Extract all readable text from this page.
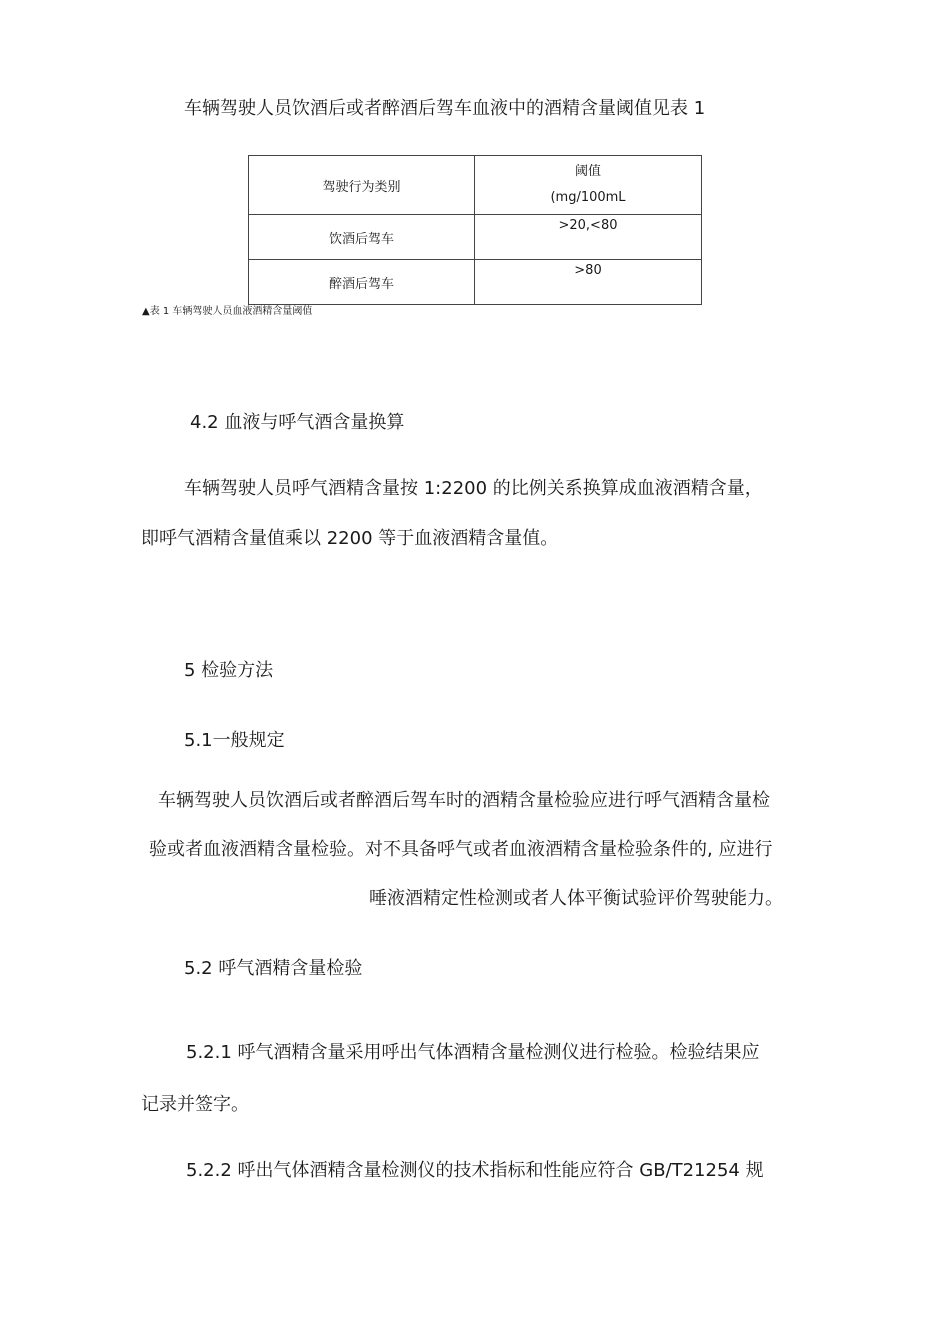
车辆驾驶人员饮酒后或者醉酒后驾车血液中的酒精含量阈值见表 1
驾驶行为类别	阈值
(mg/100mL

饮酒后驾车	>20,<80
醉酒后驾车	>80
▲表 1 车辆驾驶人员血液酒精含量阈值
4.2 血液与呼气酒含量换算
车辆驾驶人员呼气酒精含量按 1:2200 的比例关系换算成血液酒精含量，
即呼气酒精含量值乘以 2200 等于血液酒精含量值。
5 检验方法
5.1一般规定
车辆驾驶人员饮酒后或者醉酒后驾车时的酒精含量检验应进行呼气酒精含量检
验或者血液酒精含量检验。对不具备呼气或者血液酒精含量检验条件的, 应进行
唾液酒精定性检测或者人体平衡试验评价驾驶能力。
5.2 呼气酒精含量检验
5.2.1 呼气酒精含量采用呼出气体酒精含量检测仪进行检验。检验结果应
记录并签字。
5.2.2 呼出气体酒精含量检测仪的技术指标和性能应符合 GB/T21254 规
